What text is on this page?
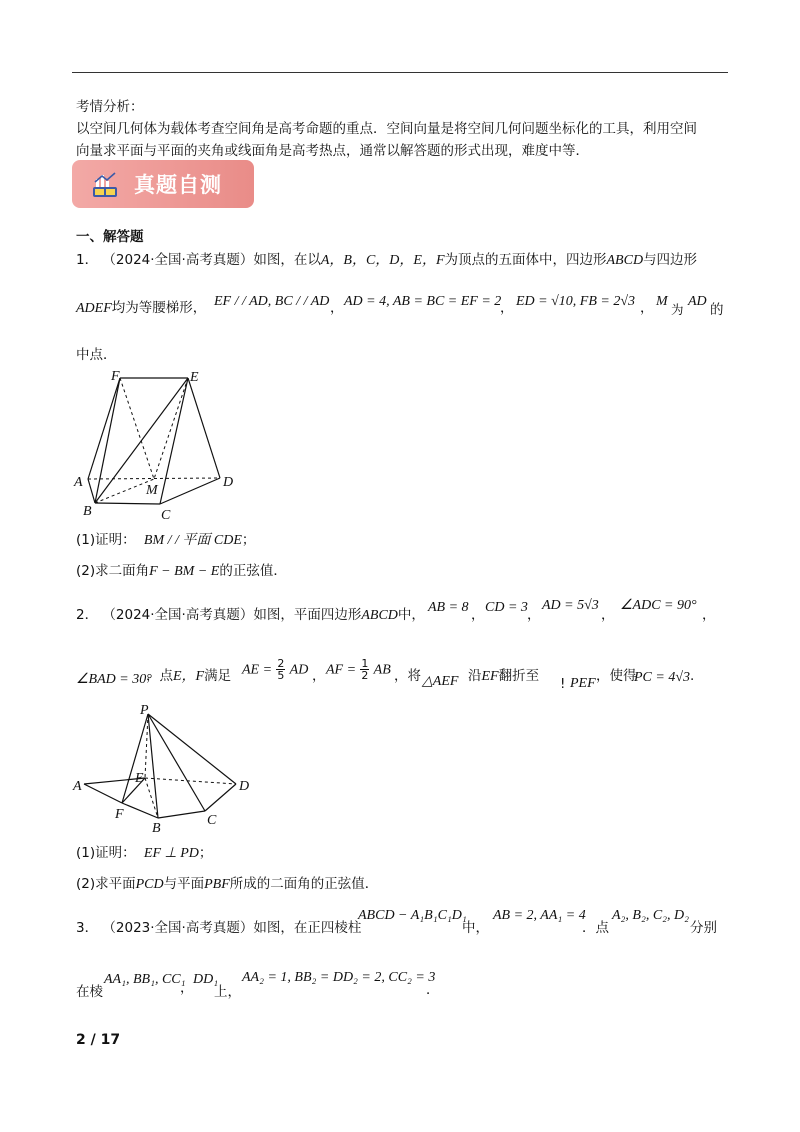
考情分析：
以空间几何体为载体考查空间角是高考命题的重点．空间向量是将空间几何问题坐标化的工具，利用空间
向量求平面与平面的夹角或线面角是高考热点，通常以解答题的形式出现，难度中等．
真题自测
一、解答题
1． （2024·全国·高考真题）如图，在以A，B，C，D，E，F为顶点的五面体中，四边形ABCD与四边形
ADEF均为等腰梯形， EF / / AD, BC / / AD ， AD = 4, AB = BC = EF = 2
， ED = √10, FB = 2√3 ， M
为
AD
的
中点．
F	E
A
M
D
B	C
(1)证明： BM / / 平面 CDE；
(2)求二面角F − BM − E的正弦值．
2． （2024·全国·高考真题）如图，平面四边形ABCD中， AB = 8 ， CD = 3 ，
AD = 5√3
，
∠ADC = 90°
，
∠BAD = 30°
，点E，F满足 AE = $\frac{2}{5}$ AD ， AF = $\frac{1}{2}$ AB ，将 △AEF 沿EF翻折至 ! PEF ，使得
PC = 4√3 .
P
A
E
D
F
B
C
(1)证明： EF ⊥ PD；
(2)求平面PCD与平面PBF所成的二面角的正弦值．
3． （2023·全国·高考真题）如图，在正四棱柱
ABCD − A₁B₁C₁D₁
中，
AB = 2, AA₁ = 4
．点
A₂, B₂, C₂, D₂
分别
在棱
AA₁, BB₁, CC₁
，
DD₁
上，
AA₂ = 1, BB₂ = DD₂ = 2, CC₂ = 3
．
2 / 17
